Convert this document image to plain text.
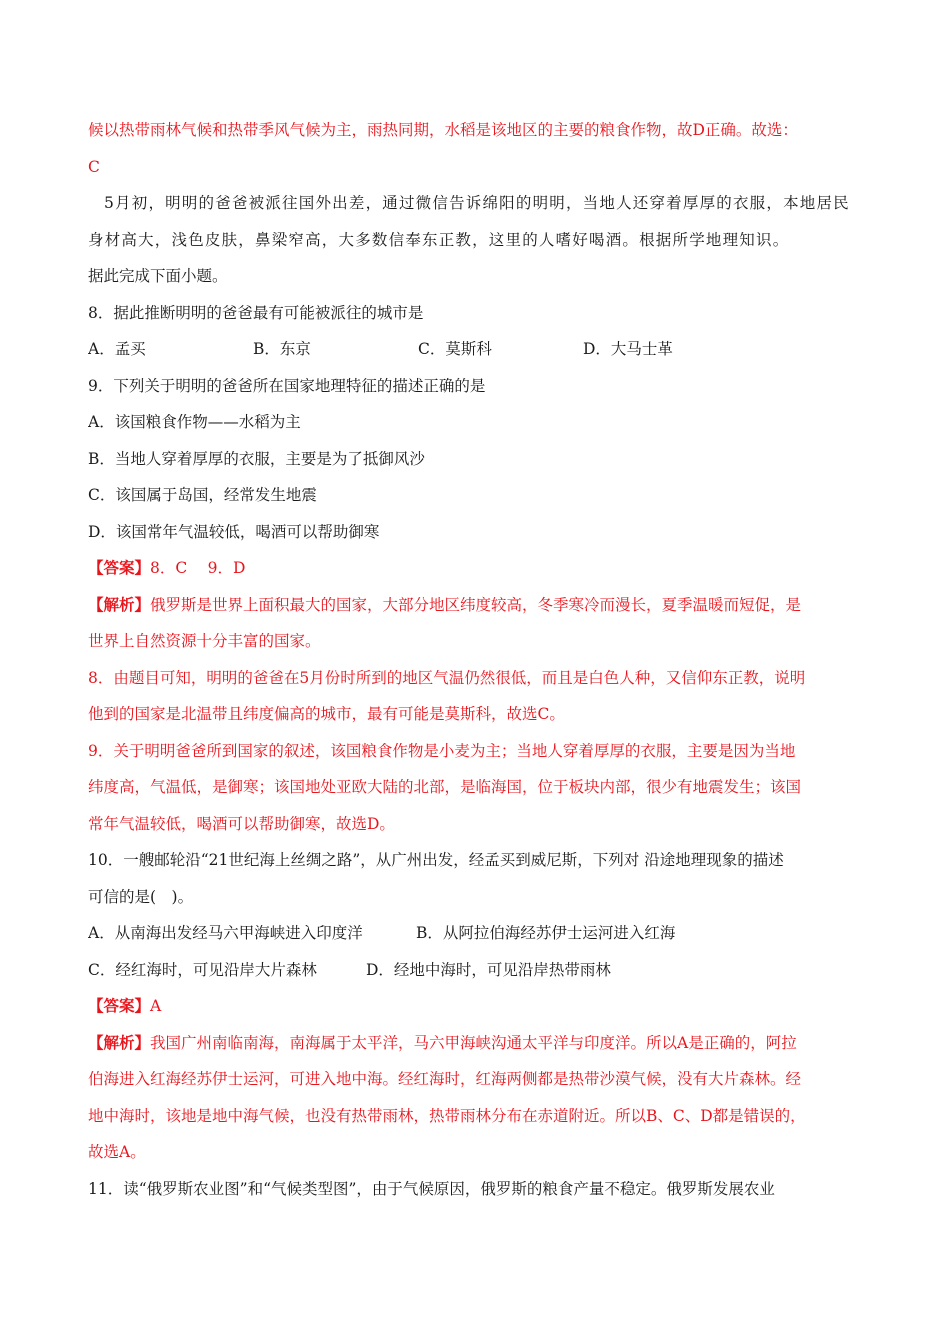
候以热带雨林气候和热带季风气候为主，雨热同期，水稻是该地区的主要的粮食作物，故D正确。故选：
C
5月初，明明的爸爸被派往国外出差，通过微信告诉绵阳的明明，当地人还穿着厚厚的衣服，本地居民
身材高大，浅色皮肤，鼻梁窄高，大多数信奉东正教，这里的人嗜好喝酒。根据所学地理知识。
据此完成下面小题。
8．据此推断明明的爸爸最有可能被派往的城市是
A．孟买	B．东京	C．莫斯科	D．大马士革
9．下列关于明明的爸爸所在国家地理特征的描述正确的是
A．该国粮食作物——水稻为主
B．当地人穿着厚厚的衣服，主要是为了抵御风沙
C．该国属于岛国，经常发生地震
D．该国常年气温较低，喝酒可以帮助御寒
【答案】8．C　 9．D
【解析】俄罗斯是世界上面积最大的国家，大部分地区纬度较高，冬季寒冷而漫长，夏季温暖而短促，是
世界上自然资源十分丰富的国家。
8．由题目可知，明明的爸爸在5月份时所到的地区气温仍然很低，而且是白色人种，又信仰东正教，说明
他到的国家是北温带且纬度偏高的城市，最有可能是莫斯科，故选C。
9．关于明明爸爸所到国家的叙述，该国粮食作物是小麦为主；当地人穿着厚厚的衣服，主要是因为当地
纬度高，气温低，是御寒；该国地处亚欧大陆的北部，是临海国，位于板块内部，很少有地震发生；该国
常年气温较低，喝酒可以帮助御寒，故选D。
10．一艘邮轮沿“21世纪海上丝绸之路”，从广州出发，经孟买到威尼斯，下列对 沿途地理现象的描述
可信的是(　)。
A．从南海出发经马六甲海峡进入印度洋	B．从阿拉伯海经苏伊士运河进入红海
C．经红海时，可见沿岸大片森林	D．经地中海时，可见沿岸热带雨林
【答案】A
【解析】我国广州南临南海，南海属于太平洋，马六甲海峡沟通太平洋与印度洋。所以A是正确的，阿拉
伯海进入红海经苏伊士运河，可进入地中海。经红海时，红海两侧都是热带沙漠气候，没有大片森林。经
地中海时，该地是地中海气候，也没有热带雨林，热带雨林分布在赤道附近。所以B、C、D都是错误的，
故选A。
11．读“俄罗斯农业图”和“气候类型图”，由于气候原因，俄罗斯的粮食产量不稳定。俄罗斯发展农业
